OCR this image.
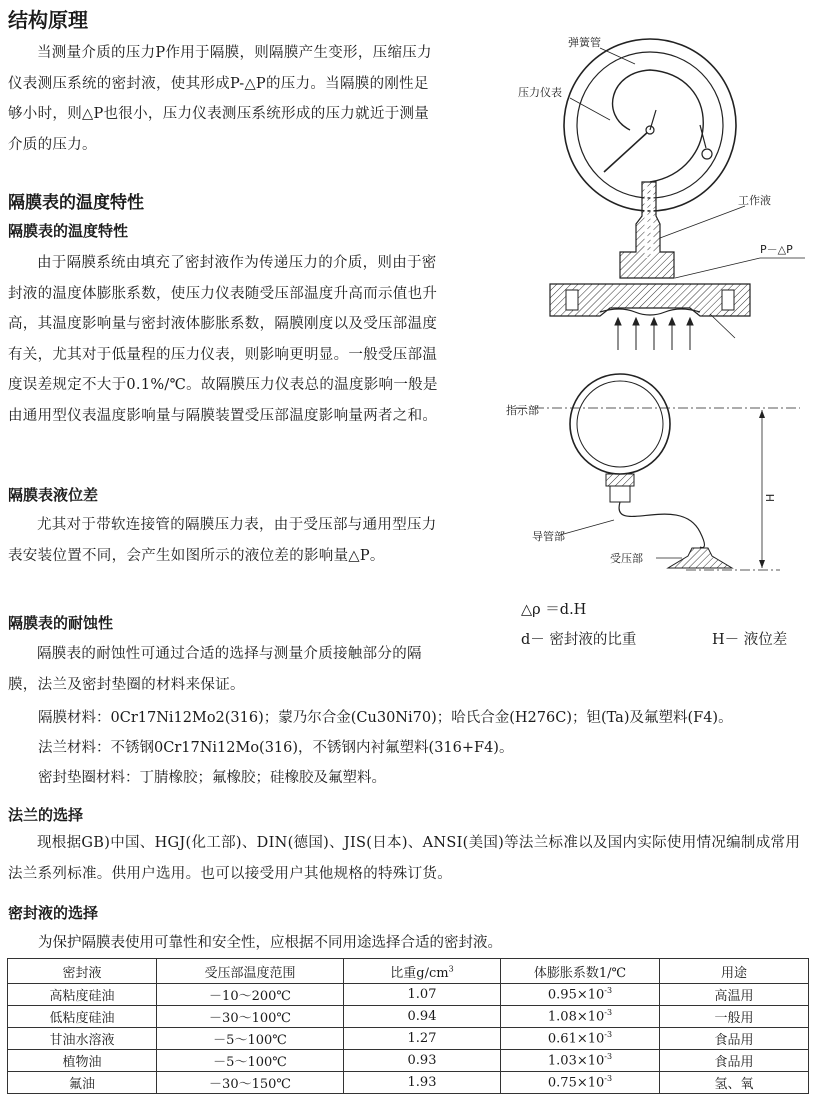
结构原理

当测量介质的压力P作用于隔膜，则隔膜产生变形，压缩压力仪表测压系统的密封液，使其形成P-△P的压力。当隔膜的刚性足够小时，则△P也很小，压力仪表测压系统形成的压力就近于测量介质的压力。

隔膜表的温度特性
隔膜表的温度特性

由于隔膜系统由填充了密封液作为传递压力的介质，则由于密封液的温度体膨胀系数，使压力仪表随受压部温度升高而示值也升高，其温度影响量与密封液体膨胀系数，隔膜刚度以及受压部温度有关，尤其对于低量程的压力仪表，则影响更明显。一般受压部温度误差规定不大于0.1%/℃。故隔膜压力仪表总的温度影响一般是由通用型仪表温度影响量与隔膜装置受压部温度影响量两者之和。

隔膜表液位差

尤其对于带软连接管的隔膜压力表，由于受压部与通用型压力表安装位置不同，会产生如图所示的液位差的影响量△P。

隔膜表的耐蚀性

隔膜表的耐蚀性可通过合适的选择与测量介质接触部分的隔膜，法兰及密封垫圈的材料来保证。

隔膜材料：0Cr17Ni12Mo2(316)；蒙乃尔合金(Cu30Ni70)；哈氏合金(H276C)；钽(Ta)及氟塑料(F4)。

法兰材料：不锈钢0Cr17Ni12Mo(316)，不锈钢内衬氟塑料(316+F4)。

密封垫圈材料：丁腈橡胶；氟橡胶；硅橡胶及氟塑料。

法兰的选择

现根据GB)中国、HGJ(化工部)、DIN(德国)、JIS(日本)、ANSI(美国)等法兰标准以及国内实际使用情况编制成常用法兰系列标准。供用户选用。也可以接受用户其他规格的特殊订货。

密封液的选择

为保护隔膜表使用可靠性和安全性，应根据不同用途选择合适的密封液。

弹簧管
压力仪表
工作液
P－△P
H
指示部
导管部
受压部
△ρ ＝d.H
d－ 密封液的比重	H－ 液位差
密封液	受压部温度范围	比重$g/cm^3$	体膨胀系数1/℃	用途
高粘度硅油	－10～200℃	1.07	$0.95\times 10^{-3}$	高温用
低粘度硅油	－30～100℃	0.94	$1.08\times 10^{-3}$	一般用
甘油水溶液	－5～100℃	1.27	$0.61\times 10^{-3}$	食品用
植物油	－5～100℃	0.93	$1.03\times 10^{-3}$	食品用
氟油	－30～150℃	1.93	$0.75\times 10^{-3}$	氢、氧
